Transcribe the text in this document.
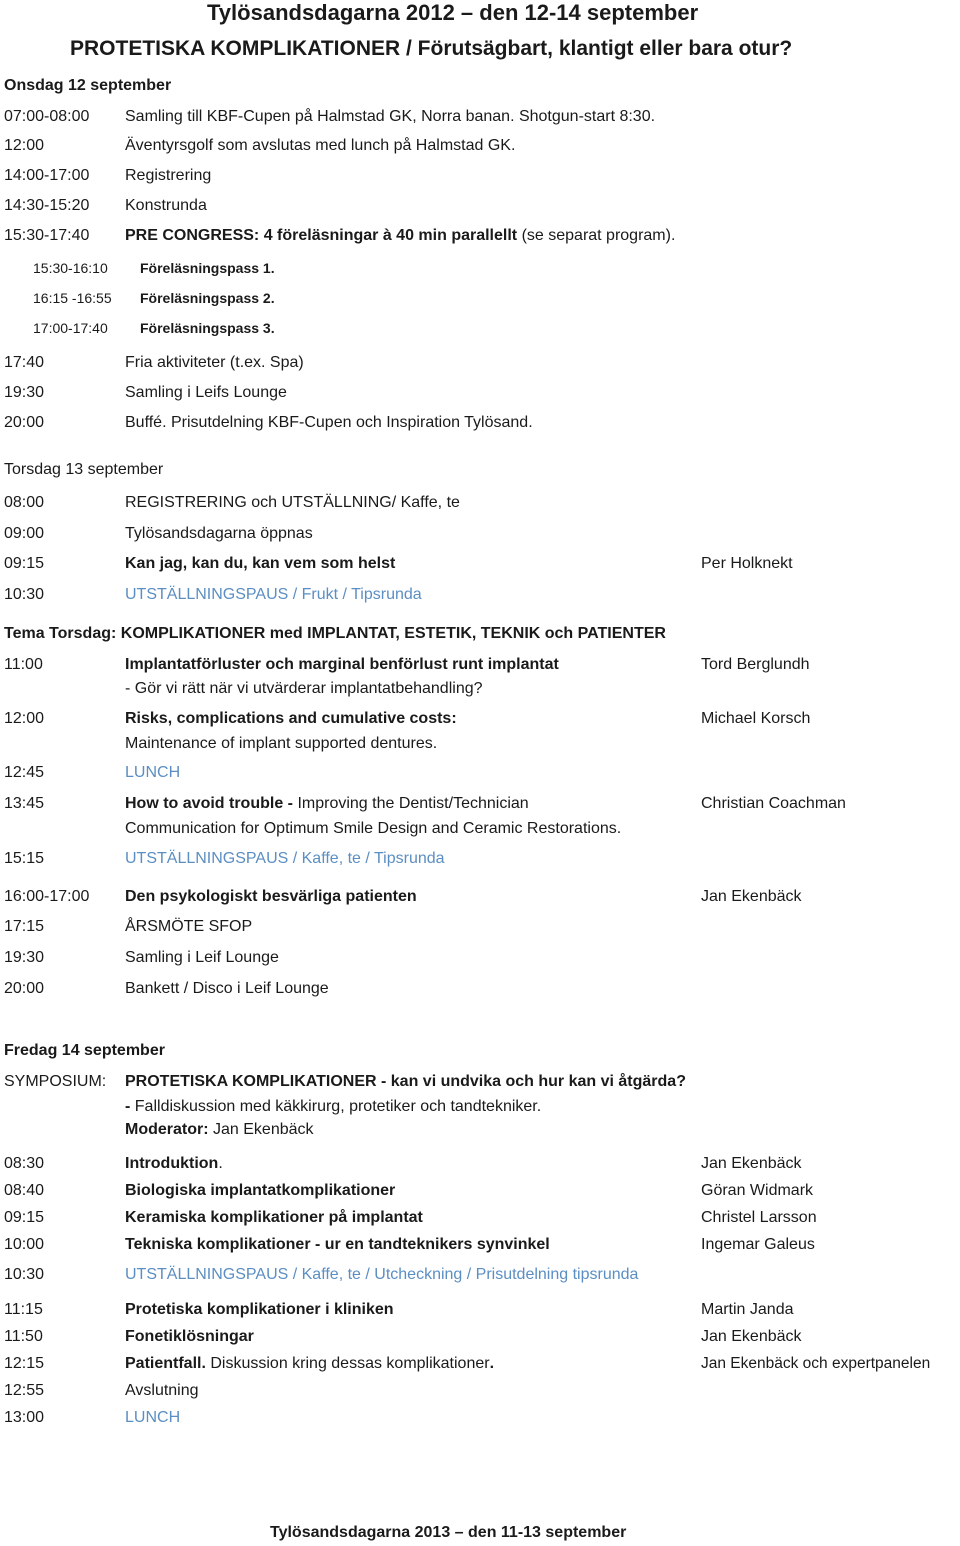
Tylösandsdagarna 2012 – den 12-14 september
PROTETISKA KOMPLIKATIONER / Förutsägbart, klantigt eller bara otur?
Onsdag 12 september
07:00-08:00 Samling till KBF-Cupen på Halmstad GK, Norra banan. Shotgun-start 8:30.
12:00	Äventyrsgolf som avslutas med lunch på Halmstad GK.
14:00-17:00 Registrering
14:30-15:20 Konstrunda
15:30-17:40 PRE CONGRESS: 4 föreläsningar à 40 min parallellt (se separat program).
15:30-16:10 Föreläsningspass 1.
16:15 -16:55 Föreläsningspass 2.
17:00-17:40 Föreläsningspass 3.
17:40	Fria aktiviteter (t.ex. Spa)
19:30	Samling i Leifs Lounge
20:00	Buffé. Prisutdelning KBF-Cupen och Inspiration Tylösand.
Torsdag 13 september
08:00	REGISTRERING och UTSTÄLLNING/ Kaffe, te
09:00	Tylösandsdagarna öppnas
09:15	Kan jag, kan du, kan vem som helst	Per Holknekt
10:30	UTSTÄLLNINGSPAUS / Frukt / Tipsrunda
Tema Torsdag: KOMPLIKATIONER med IMPLANTAT, ESTETIK, TEKNIK och PATIENTER
11:00	Implantatförluster och marginal benförlust runt implantat	Tord Berglundh
- Gör vi rätt när vi utvärderar implantatbehandling?
12:00	Risks, complications and cumulative costs:	Michael Korsch
Maintenance of implant supported dentures.
12:45	LUNCH
13:45	How to avoid trouble - Improving the Dentist/Technician	Christian Coachman
Communication for Optimum Smile Design and Ceramic Restorations.
15:15	UTSTÄLLNINGSPAUS / Kaffe, te / Tipsrunda
16:00-17:00 Den psykologiskt besvärliga patienten	Jan Ekenbäck
17:15	ÅRSMÖTE SFOP
19:30	Samling i Leif Lounge
20:00	Bankett / Disco i Leif Lounge
Fredag 14 september
SYMPOSIUM: PROTETISKA KOMPLIKATIONER - kan vi undvika och hur kan vi åtgärda?
- Falldiskussion med käkkirurg, protetiker och tandtekniker.
Moderator: Jan Ekenbäck
08:30	Introduktion.	Jan Ekenbäck
08:40	Biologiska implantatkomplikationer	Göran Widmark
09:15	Keramiska komplikationer på implantat	Christel Larsson
10:00	Tekniska komplikationer - ur en tandteknikers synvinkel	Ingemar Galeus
10:30	UTSTÄLLNINGSPAUS / Kaffe, te / Utcheckning / Prisutdelning tipsrunda
11:15	Protetiska komplikationer i kliniken	Martin Janda
11:50	Fonetiklösningar	Jan Ekenbäck
12:15	Patientfall. Diskussion kring dessas komplikationer.	Jan Ekenbäck och expertpanelen
12:55	Avslutning
13:00	LUNCH
Tylösandsdagarna 2013 – den 11-13 september
